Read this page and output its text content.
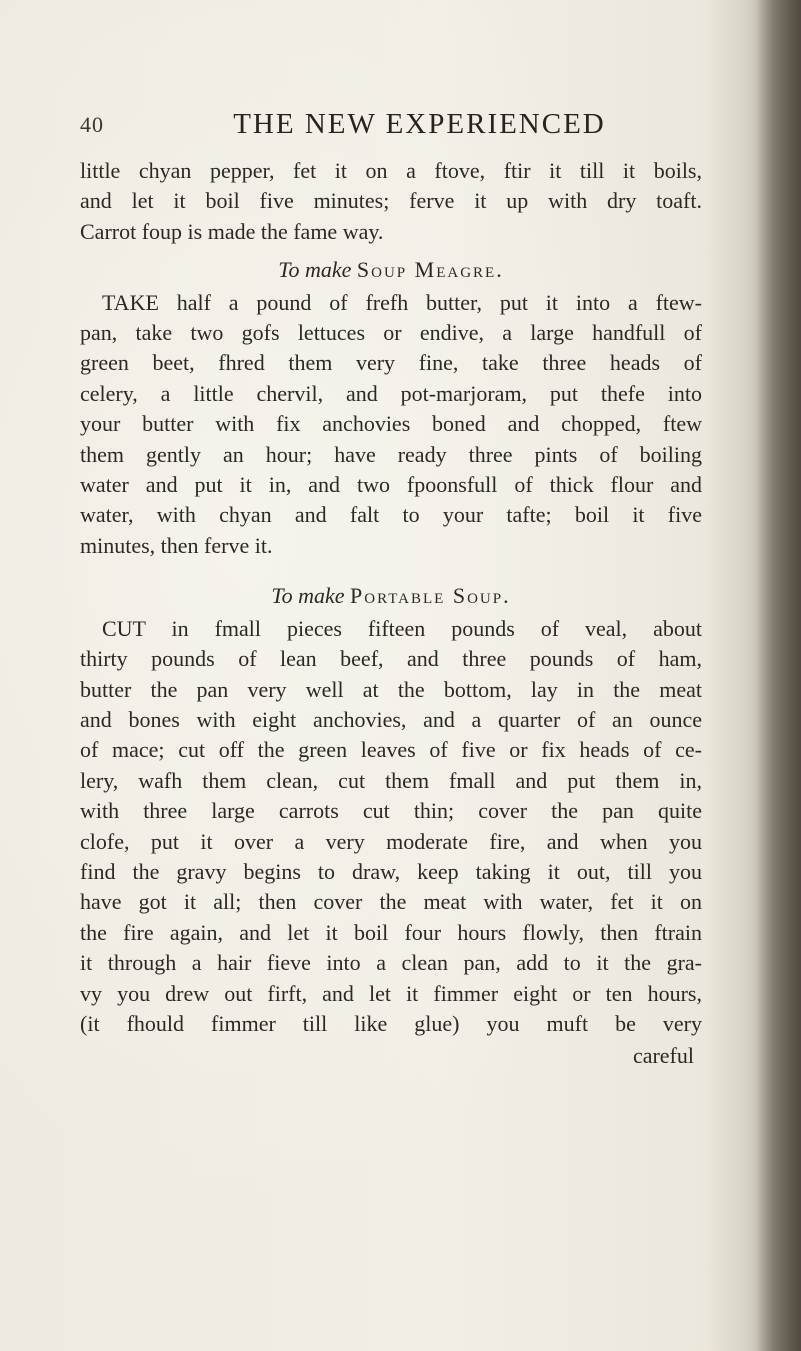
40	THE NEW EXPERIENCED
little chyan pepper, fet it on a ftove, ftir it till it boils,
and let it boil five minutes; ferve it up with dry toaft.
Carrot foup is made the fame way.
To make Soup Meagre.
TAKE half a pound of frefh butter, put it into a ftew-
pan, take two gofs lettuces or endive, a large handfull of
green beet, fhred them very fine, take three heads of
celery, a little chervil, and pot-marjoram, put thefe into
your butter with fix anchovies boned and chopped, ftew
them gently an hour; have ready three pints of boiling
water and put it in, and two fpoonsfull of thick flour and
water, with chyan and falt to your tafte; boil it five
minutes, then ferve it.
To make Portable Soup.
CUT in fmall pieces fifteen pounds of veal, about
thirty pounds of lean beef, and three pounds of ham,
butter the pan very well at the bottom, lay in the meat
and bones with eight anchovies, and a quarter of an ounce
of mace; cut off the green leaves of five or fix heads of ce-
lery, wafh them clean, cut them fmall and put them in,
with three large carrots cut thin; cover the pan quite
clofe, put it over a very moderate fire, and when you
find the gravy begins to draw, keep taking it out, till you
have got it all; then cover the meat with water, fet it on
the fire again, and let it boil four hours flowly, then ftrain
it through a hair fieve into a clean pan, add to it the gra-
vy you drew out firft, and let it fimmer eight or ten hours,
(it fhould fimmer till like glue) you muft be very
careful
